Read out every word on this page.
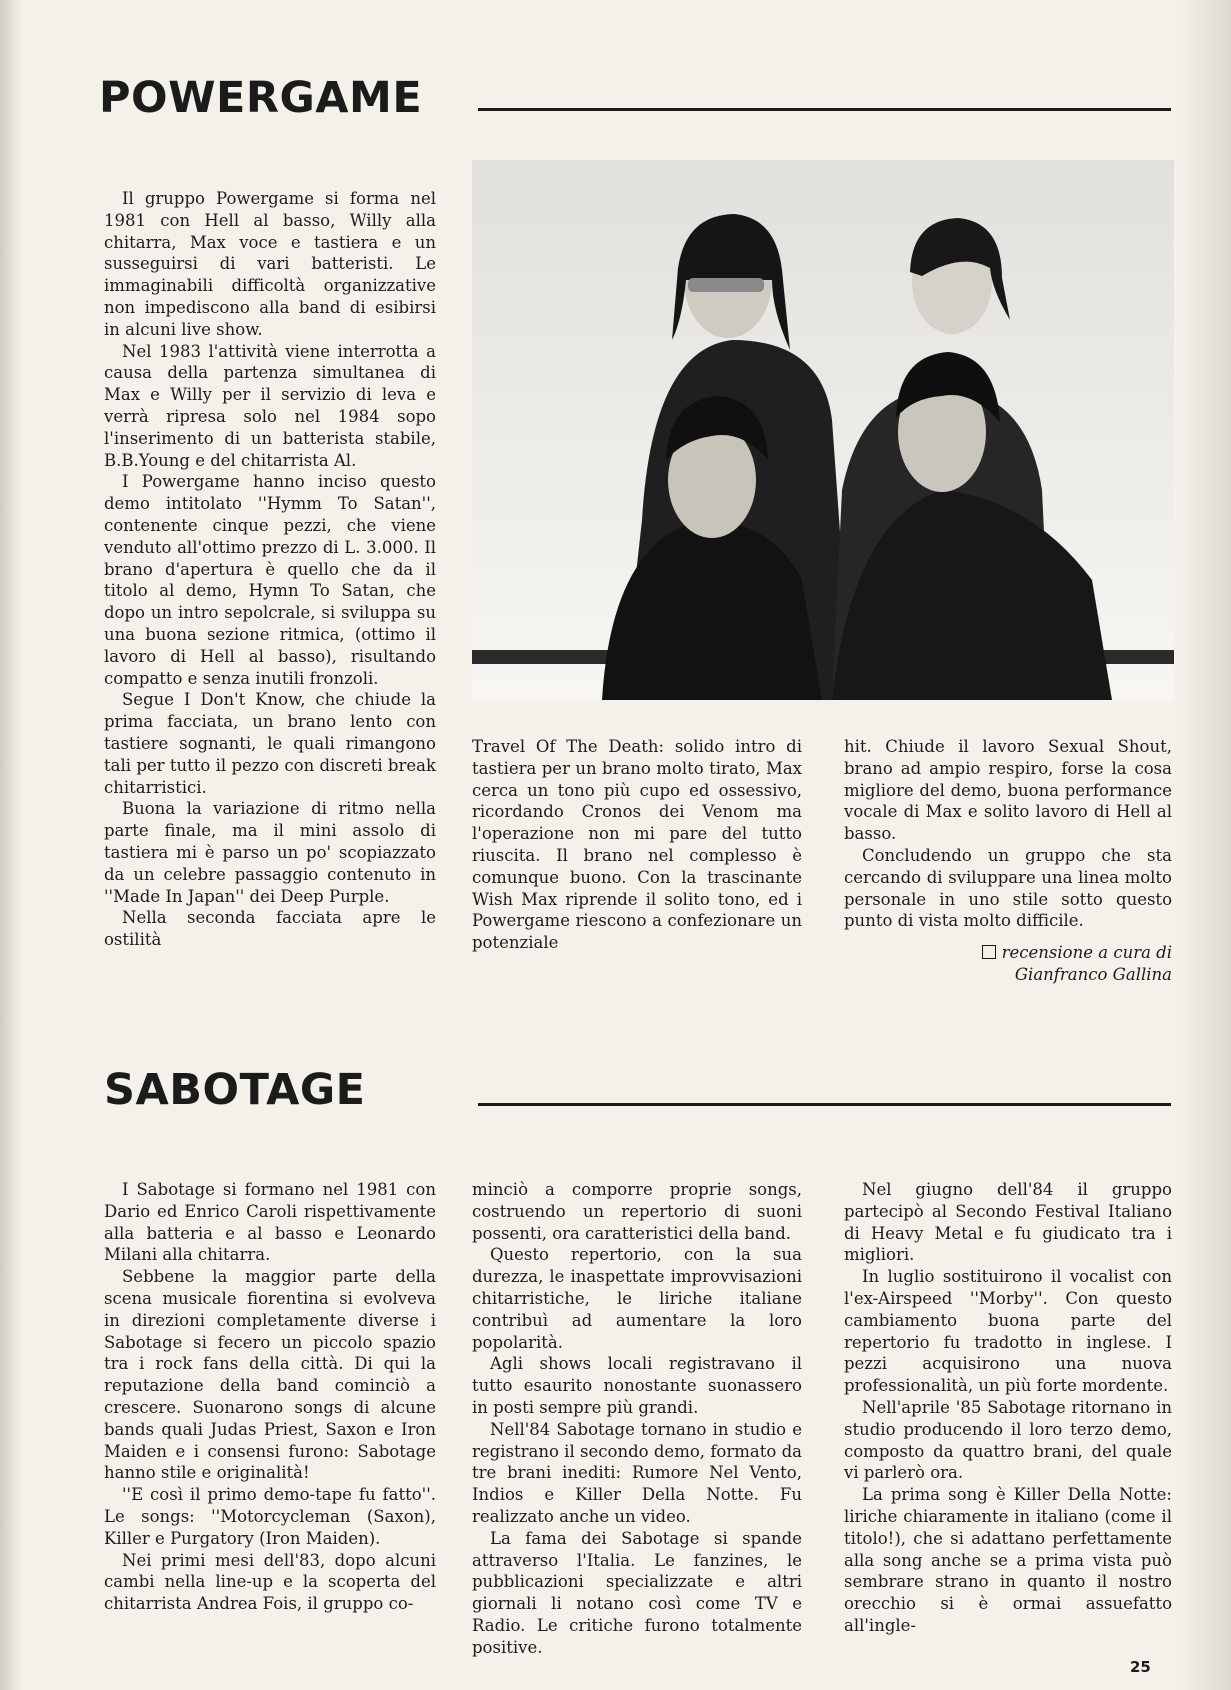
POWERGAME

Il gruppo Powergame si forma nel 1981 con Hell al basso, Willy alla chitarra, Max voce e tastiera e un susseguirsi di vari batteristi. Le immaginabili difficoltà organizzative non impediscono alla band di esibirsi in alcuni live show.

Nel 1983 l'attività viene interrotta a causa della partenza simultanea di Max e Willy per il servizio di leva e verrà ripresa solo nel 1984 sopo l'inserimento di un batterista stabile, B.B.Young e del chitarrista Al.

I Powergame hanno inciso questo demo intitolato ''Hymm To Satan'', contenente cinque pezzi, che viene venduto all'ottimo prezzo di L. 3.000. Il brano d'apertura è quello che da il titolo al demo, Hymn To Satan, che dopo un intro sepolcrale, si sviluppa su una buona sezione ritmica, (ottimo il lavoro di Hell al basso), risultando compatto e senza inutili fronzoli.

Segue I Don't Know, che chiude la prima facciata, un brano lento con tastiere sognanti, le quali rimangono tali per tutto il pezzo con discreti break chitarristici.

Buona la variazione di ritmo nella parte finale, ma il mini assolo di tastiera mi è parso un po' scopiazzato da un celebre passaggio contenuto in ''Made In Japan'' dei Deep Purple.

Nella seconda facciata apre le ostilità

Travel Of The Death: solido intro di tastiera per un brano molto tirato, Max cerca un tono più cupo ed ossessivo, ricordando Cronos dei Venom ma l'operazione non mi pare del tutto riuscita. Il brano nel complesso è comunque buono. Con la trascinante Wish Max riprende il solito tono, ed i Powergame riescono a confezionare un potenziale

hit. Chiude il lavoro Sexual Shout, brano ad ampio respiro, forse la cosa migliore del demo, buona performance vocale di Max e solito lavoro di Hell al basso.

Concludendo un gruppo che sta cercando di sviluppare una linea molto personale in uno stile sotto questo punto di vista molto difficile.

recensione a cura di
Gianfranco Gallina
SABOTAGE

I Sabotage si formano nel 1981 con Dario ed Enrico Caroli rispettivamente alla batteria e al basso e Leonardo Milani alla chitarra.

Sebbene la maggior parte della scena musicale fiorentina si evolveva in direzioni completamente diverse i Sabotage si fecero un piccolo spazio tra i rock fans della città. Di qui la reputazione della band cominciò a crescere. Suonarono songs di alcune bands quali Judas Priest, Saxon e Iron Maiden e i consensi furono: Sabotage hanno stile e originalità!

''E così il primo demo-tape fu fatto''. Le songs: ''Motorcycleman (Saxon), Killer e Purgatory (Iron Maiden).

Nei primi mesi dell'83, dopo alcuni cambi nella line-up e la scoperta del chitarrista Andrea Fois, il gruppo co-

minciò a comporre proprie songs, costruendo un repertorio di suoni possenti, ora caratteristici della band.

Questo repertorio, con la sua durezza, le inaspettate improvvisazioni chitarristiche, le liriche italiane contribuì ad aumentare la loro popolarità.

Agli shows locali registravano il tutto esaurito nonostante suonassero in posti sempre più grandi.

Nell'84 Sabotage tornano in studio e registrano il secondo demo, formato da tre brani inediti: Rumore Nel Vento, Indios e Killer Della Notte. Fu realizzato anche un video.

La fama dei Sabotage si spande attraverso l'Italia. Le fanzines, le pubblicazioni specializzate e altri giornali li notano così come TV e Radio. Le critiche furono totalmente positive.

Nel giugno dell'84 il gruppo partecipò al Secondo Festival Italiano di Heavy Metal e fu giudicato tra i migliori.

In luglio sostituirono il vocalist con l'ex-Airspeed ''Morby''. Con questo cambiamento buona parte del repertorio fu tradotto in inglese. I pezzi acquisirono una nuova professionalità, un più forte mordente.

Nell'aprile '85 Sabotage ritornano in studio producendo il loro terzo demo, composto da quattro brani, del quale vi parlerò ora.

La prima song è Killer Della Notte: liriche chiaramente in italiano (come il titolo!), che si adattano perfettamente alla song anche se a prima vista può sembrare strano in quanto il nostro orecchio si è ormai assuefatto all'ingle-

25
